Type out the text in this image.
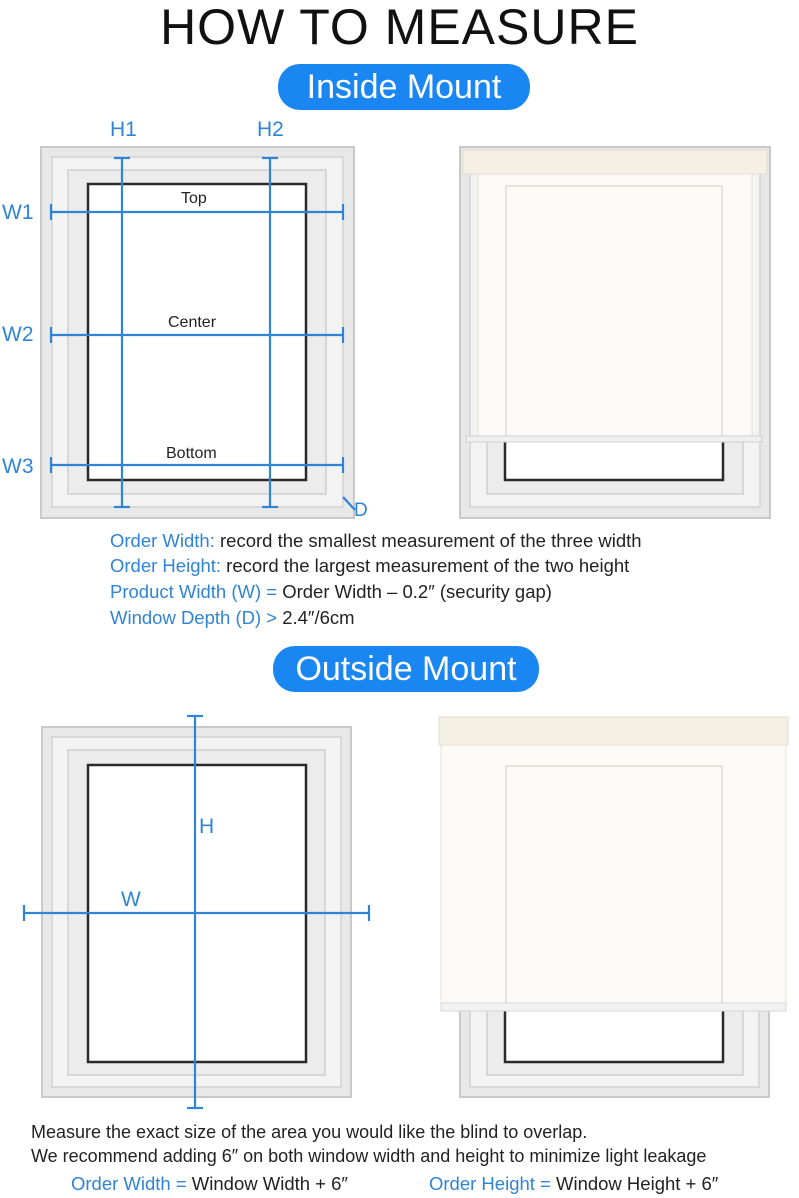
HOW TO MEASURE
Inside Mount
H1	H2
W1
W2
W3
D
Top
Center
Bottom
Order Width: record the smallest measurement of the three width
Order Height: record the largest measurement of the two height
Product Width (W) = Order Width – 0.2″ (security gap)
Window Depth (D) > 2.4″/6cm
Outside Mount
H
W
Measure the exact size of the area you would like the blind to overlap.
We recommend adding 6″ on both window width and height to minimize light leakage
Order Width = Window Width + 6″	Order Height = Window Height + 6″
